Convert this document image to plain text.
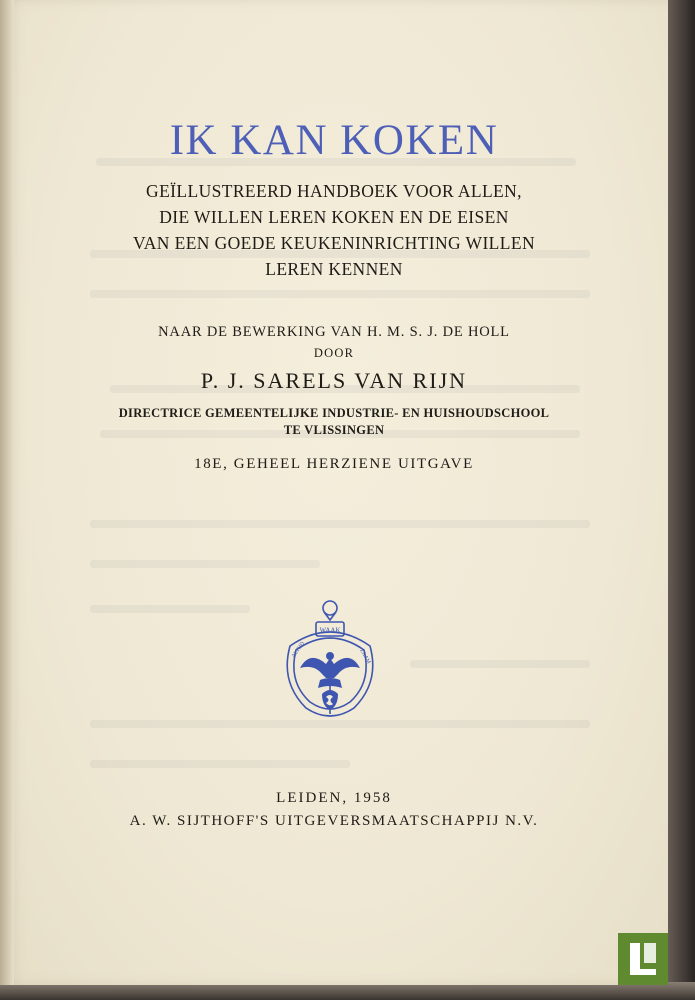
IK KAN KOKEN
GEÏLLUSTREERD HANDBOEK VOOR ALLEN,
DIE WILLEN LEREN KOKEN EN DE EISEN
VAN EEN GOEDE KEUKENINRICHTING WILLEN
LEREN KENNEN
NAAR DE BEWERKING VAN H. M. S. J. DE HOLL
DOOR
P. J. SARELS VAN RIJN
DIRECTRICE GEMEENTELIJKE INDUSTRIE- EN HUISHOUDSCHOOL
TE VLISSINGEN
18E, GEHEEL HERZIENE UITGAVE
WAAK
ALTIJD	ZAAM
LEIDEN, 1958
A. W. SIJTHOFF'S UITGEVERSMAATSCHAPPIJ N.V.
